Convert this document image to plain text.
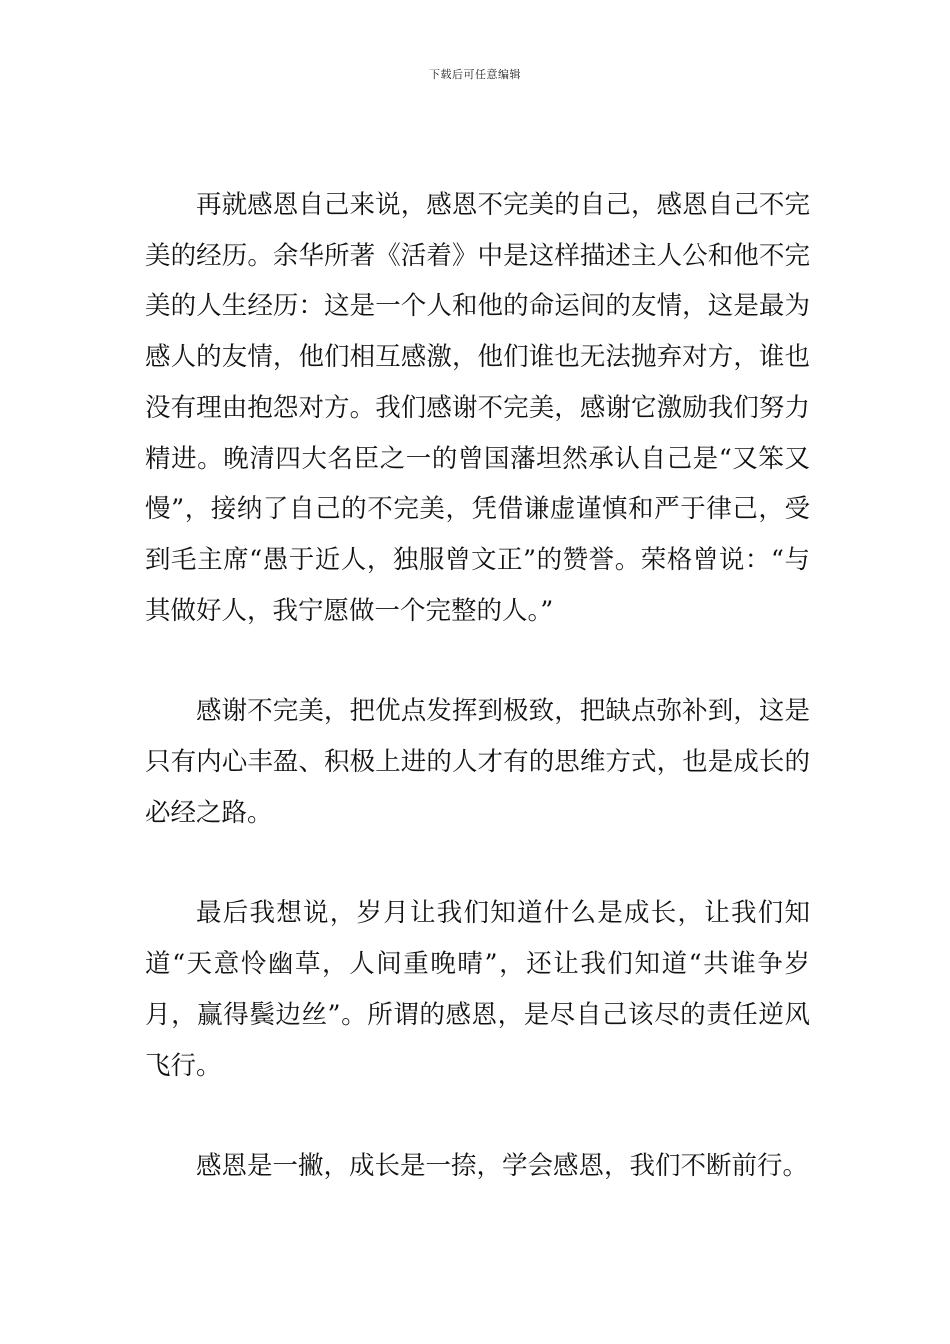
下载后可任意编辑

再就感恩自己来说，感恩不完美的自己，感恩自己不完美的经历。余华所著《活着》中是这样描述主人公和他不完美的人生经历：这是一个人和他的命运间的友情，这是最为感人的友情，他们相互感激，他们谁也无法抛弃对方，谁也没有理由抱怨对方。我们感谢不完美，感谢它激励我们努力精进。晚清四大名臣之一的曾国藩坦然承认自己是“又笨又慢”，接纳了自己的不完美，凭借谦虚谨慎和严于律己，受到毛主席“愚于近人，独服曾文正”的赞誉。荣格曾说：“与其做好人，我宁愿做一个完整的人。”

感谢不完美，把优点发挥到极致，把缺点弥补到，这是只有内心丰盈、积极上进的人才有的思维方式，也是成长的必经之路。

最后我想说，岁月让我们知道什么是成长，让我们知道“天意怜幽草，人间重晚晴”，还让我们知道“共谁争岁月，赢得鬓边丝”。所谓的感恩，是尽自己该尽的责任逆风飞行。

感恩是一撇，成长是一捺，学会感恩，我们不断前行。
